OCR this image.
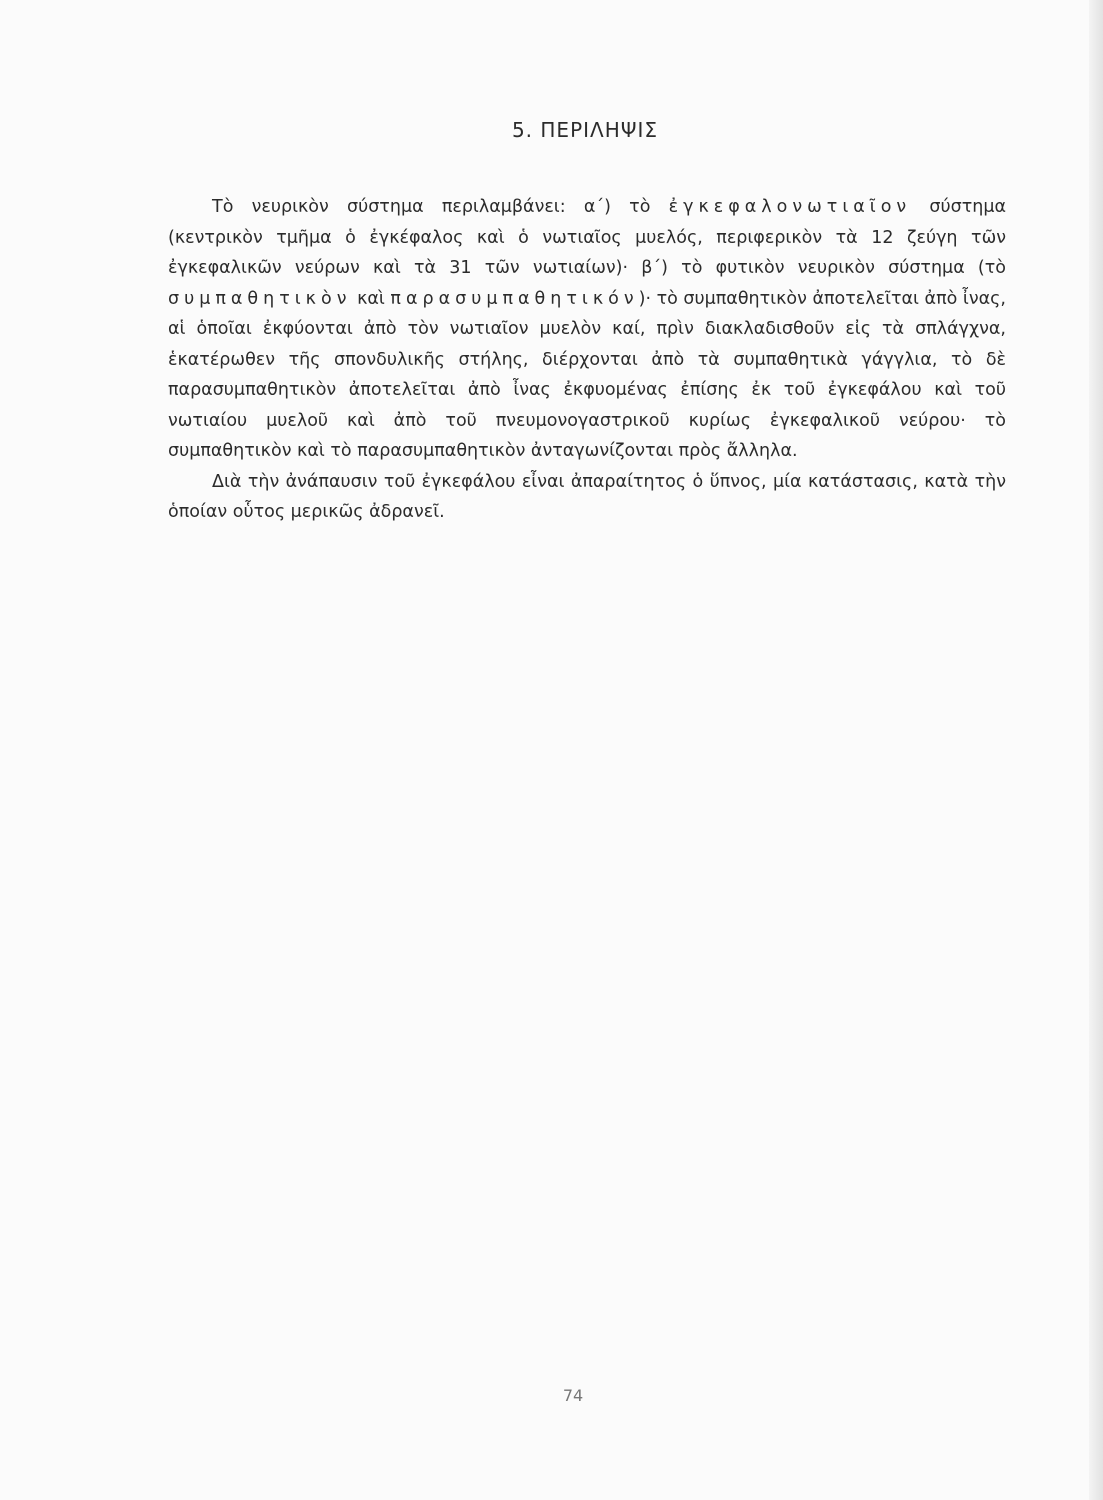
5. ΠΕΡΙΛΗΨΙΣ

Τὸ νευρικὸν σύστημα περιλαμβάνει: α΄) τὸ ἐγκεφαλονωτιαῖον σύστημα (κεντρικὸν τμῆμα ὁ ἐγκέφαλος καὶ ὁ νωτιαῖος μυελός, περιφερικὸν τὰ 12 ζεύγη τῶν ἐγκεφαλικῶν νεύρων καὶ τὰ 31 τῶν νωτιαίων)· β΄) τὸ φυτικὸν νευρικὸν σύστημα (τὸ συμπαθητικὸν καὶ παρασυμπαθητικόν)· τὸ συμπαθητικὸν ἀποτελεῖται ἀπὸ ἶνας, αἱ ὁποῖαι ἐκφύονται ἀπὸ τὸν νωτιαῖον μυελὸν καί, πρὶν διακλαδισθοῦν εἰς τὰ σπλάγχνα, ἑκατέρωθεν τῆς σπονδυλικῆς στήλης, διέρχονται ἀπὸ τὰ συμπαθητικὰ γάγγλια, τὸ δὲ παρασυμπαθητικὸν ἀποτελεῖται ἀπὸ ἶνας ἐκφυομένας ἐπίσης ἐκ τοῦ ἐγκεφάλου καὶ τοῦ νωτιαίου μυελοῦ καὶ ἀπὸ τοῦ πνευμονογαστρικοῦ κυρίως ἐγκεφαλικοῦ νεύρου· τὸ συμπαθητικὸν καὶ τὸ παρασυμπαθητικὸν ἀνταγωνίζονται πρὸς ἄλληλα.

Διὰ τὴν ἀνάπαυσιν τοῦ ἐγκεφάλου εἶναι ἀπαραίτητος ὁ ὕπνος, μία κατάστασις, κατὰ τὴν ὁποίαν οὗτος μερικῶς ἀδρανεῖ.

74
